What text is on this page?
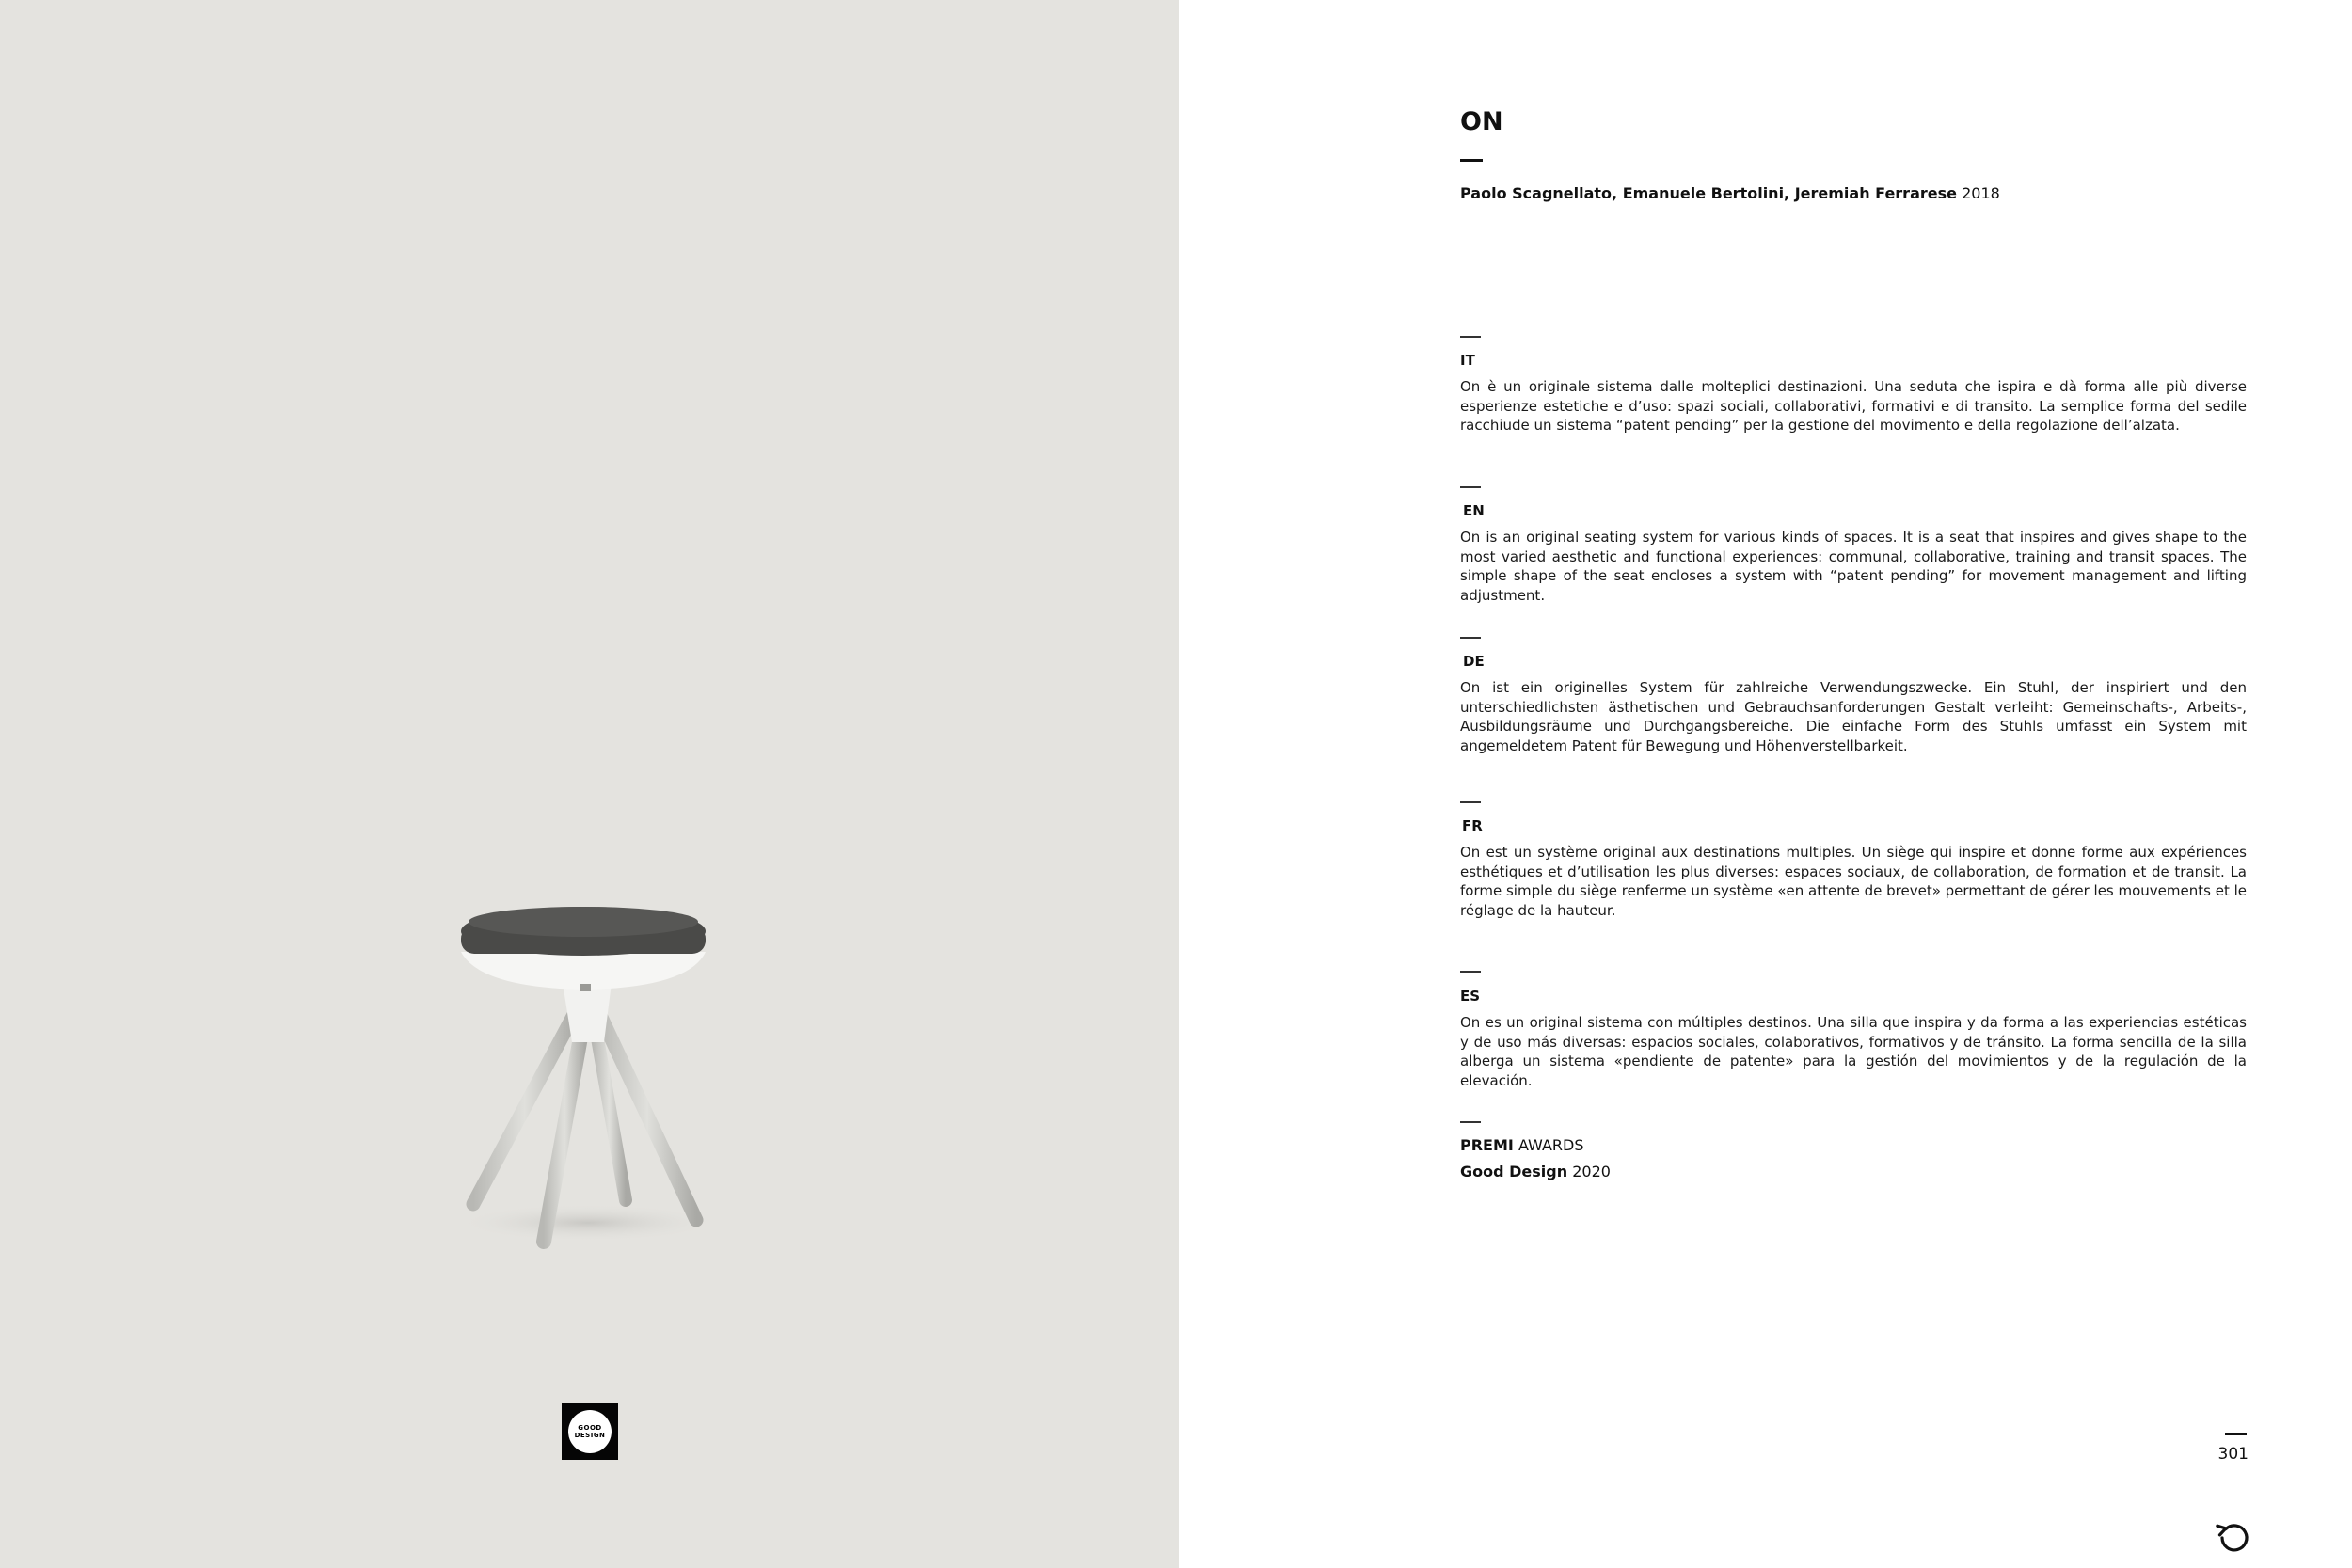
GOOD
DESIGN
ON
Paolo Scagnellato, Emanuele Bertolini, Jeremiah Ferrarese 2018
IT
On è un originale sistema dalle molteplici destinazioni. Una seduta che ispira e dà forma alle più diverse esperienze estetiche e d’uso: spazi sociali, collaborativi, formativi e di transito. La semplice forma del sedile racchiude un sistema “patent pending” per la gestione del movimento e della regolazione dell’alzata.
EN
On is an original seating system for various kinds of spaces. It is a seat that inspires and gives shape to the most varied aesthetic and functional experiences: communal, collaborative, training and transit spaces. The simple shape of the seat encloses a system with “patent pending” for movement management and lifting adjustment.
DE
On ist ein originelles System für zahlreiche Verwendungszwecke. Ein Stuhl, der inspiriert und den unterschiedlichsten ästhetischen und Gebrauchsanforderungen Gestalt verleiht: Gemeinschafts-, Arbeits-, Ausbildungsräume und Durchgangsbereiche. Die einfache Form des Stuhls umfasst ein System mit angemeldetem Patent für Bewegung und Höhenverstellbarkeit.
FR
On est un système original aux destinations multiples. Un siège qui inspire et donne forme aux expériences esthétiques et d’utilisation les plus diverses: espaces sociaux, de collaboration, de formation et de transit. La forme simple du siège renferme un système «en attente de brevet» permettant de gérer les mouvements et le réglage de la hauteur.
ES
On es un original sistema con múltiples destinos. Una silla que inspira y da forma a las experiencias estéticas y de uso más diversas: espacios sociales, colaborativos, formativos y de tránsito. La forma sencilla de la silla alberga un sistema «pendiente de patente» para la gestión del movimientos y de la regulación de la elevación.
PREMI AWARDS
Good Design 2020
301
